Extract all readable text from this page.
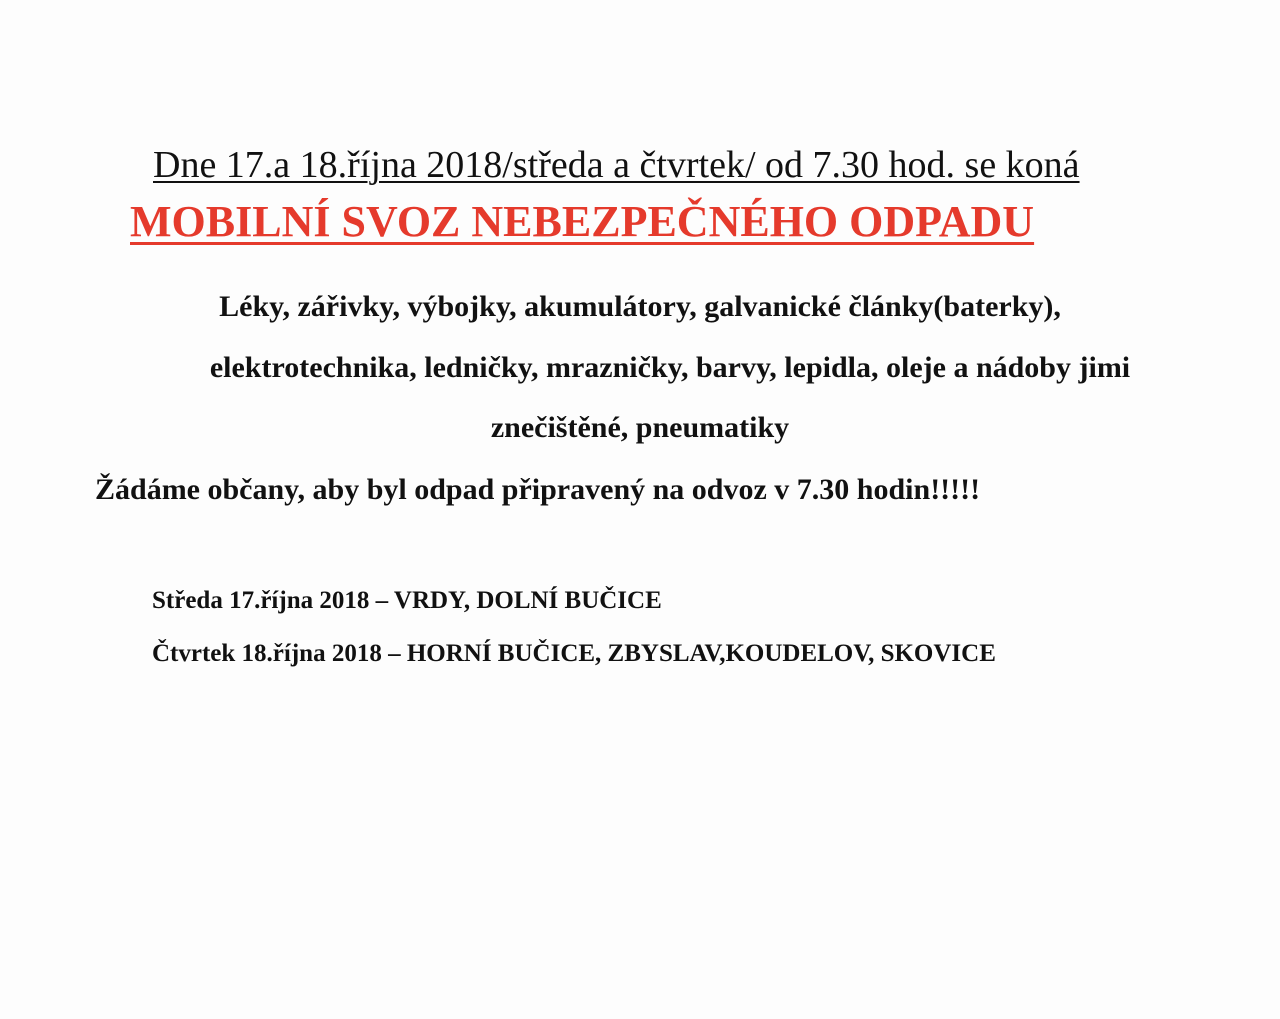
Dne 17.a 18.října 2018/středa a čtvrtek/ od 7.30 hod. se koná
MOBILNÍ SVOZ NEBEZPEČNÉHO ODPADU
Léky, zářivky, výbojky, akumulátory, galvanické články(baterky),
elektrotechnika, ledničky, mrazničky, barvy, lepidla, oleje a nádoby jimi
znečištěné, pneumatiky
Žádáme občany, aby byl odpad připravený na odvoz v 7.30 hodin!!!!!
Středa 17.října 2018 – VRDY, DOLNÍ BUČICE
Čtvrtek 18.října 2018 – HORNÍ BUČICE, ZBYSLAV,KOUDELOV, SKOVICE
